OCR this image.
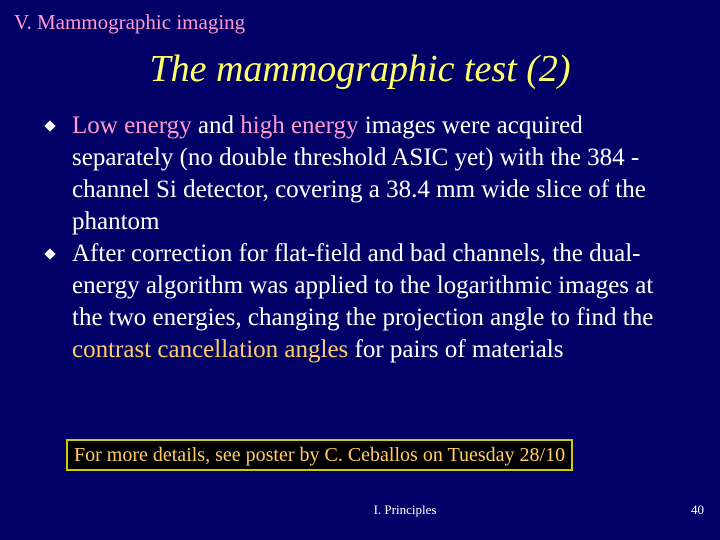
V. Mammographic imaging
The mammographic test (2)
Low energy and high energy images were acquired separately (no double threshold ASIC yet) with the 384 -channel Si detector, covering a 38.4 mm wide slice of the phantom
After correction for flat-field and bad channels, the dual-energy algorithm was applied to the logarithmic images at the two energies, changing the projection angle to find the contrast cancellation angles for pairs of materials
For more details, see poster by C. Ceballos on Tuesday 28/10
I. Principles	40
